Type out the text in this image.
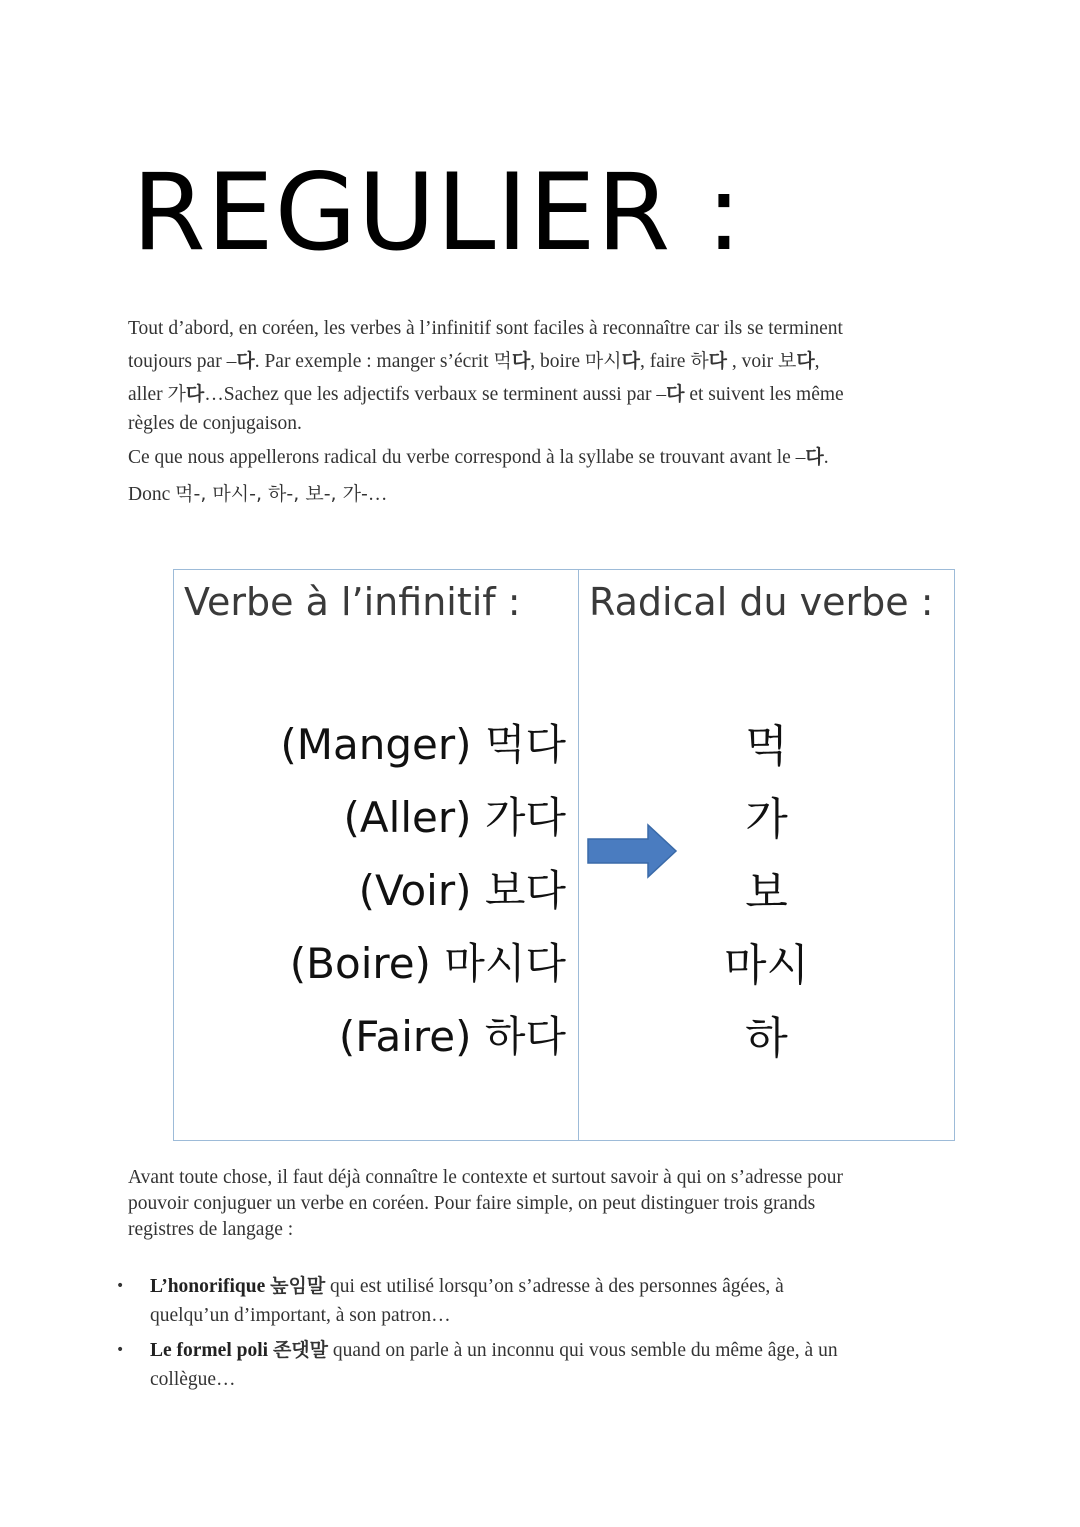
REGULIER :
Tout d’abord, en coréen, les verbes à l’infinitif sont faciles à reconnaître car ils se terminent
toujours par –다. Par exemple : manger s’écrit 먹다, boire 마시다, faire 하다 , voir 보다,
aller 가다…Sachez que les adjectifs verbaux se terminent aussi par –다 et suivent les même
règles de conjugaison.
Ce que nous appellerons radical du verbe correspond à la syllabe se trouvant avant le –다.
Donc 먹-, 마시-, 하-, 보-, 가-…
Verbe à l’infinitif :
(Manger) 먹다
(Aller) 가다
(Voir) 보다
(Boire) 마시다
(Faire) 하다
Radical du verbe :
먹
가
보
마시
하
Avant toute chose, il faut déjà connaître le contexte et surtout savoir à qui on s’adresse pour
pouvoir conjuguer un verbe en coréen. Pour faire simple, on peut distinguer trois grands
registres de langage :
• L’honorifique 높임말 qui est utilisé lorsqu’on s’adresse à des personnes âgées, à
quelqu’un d’important, à son patron…
• Le formel poli 존댓말 quand on parle à un inconnu qui vous semble du même âge, à un
collègue…
